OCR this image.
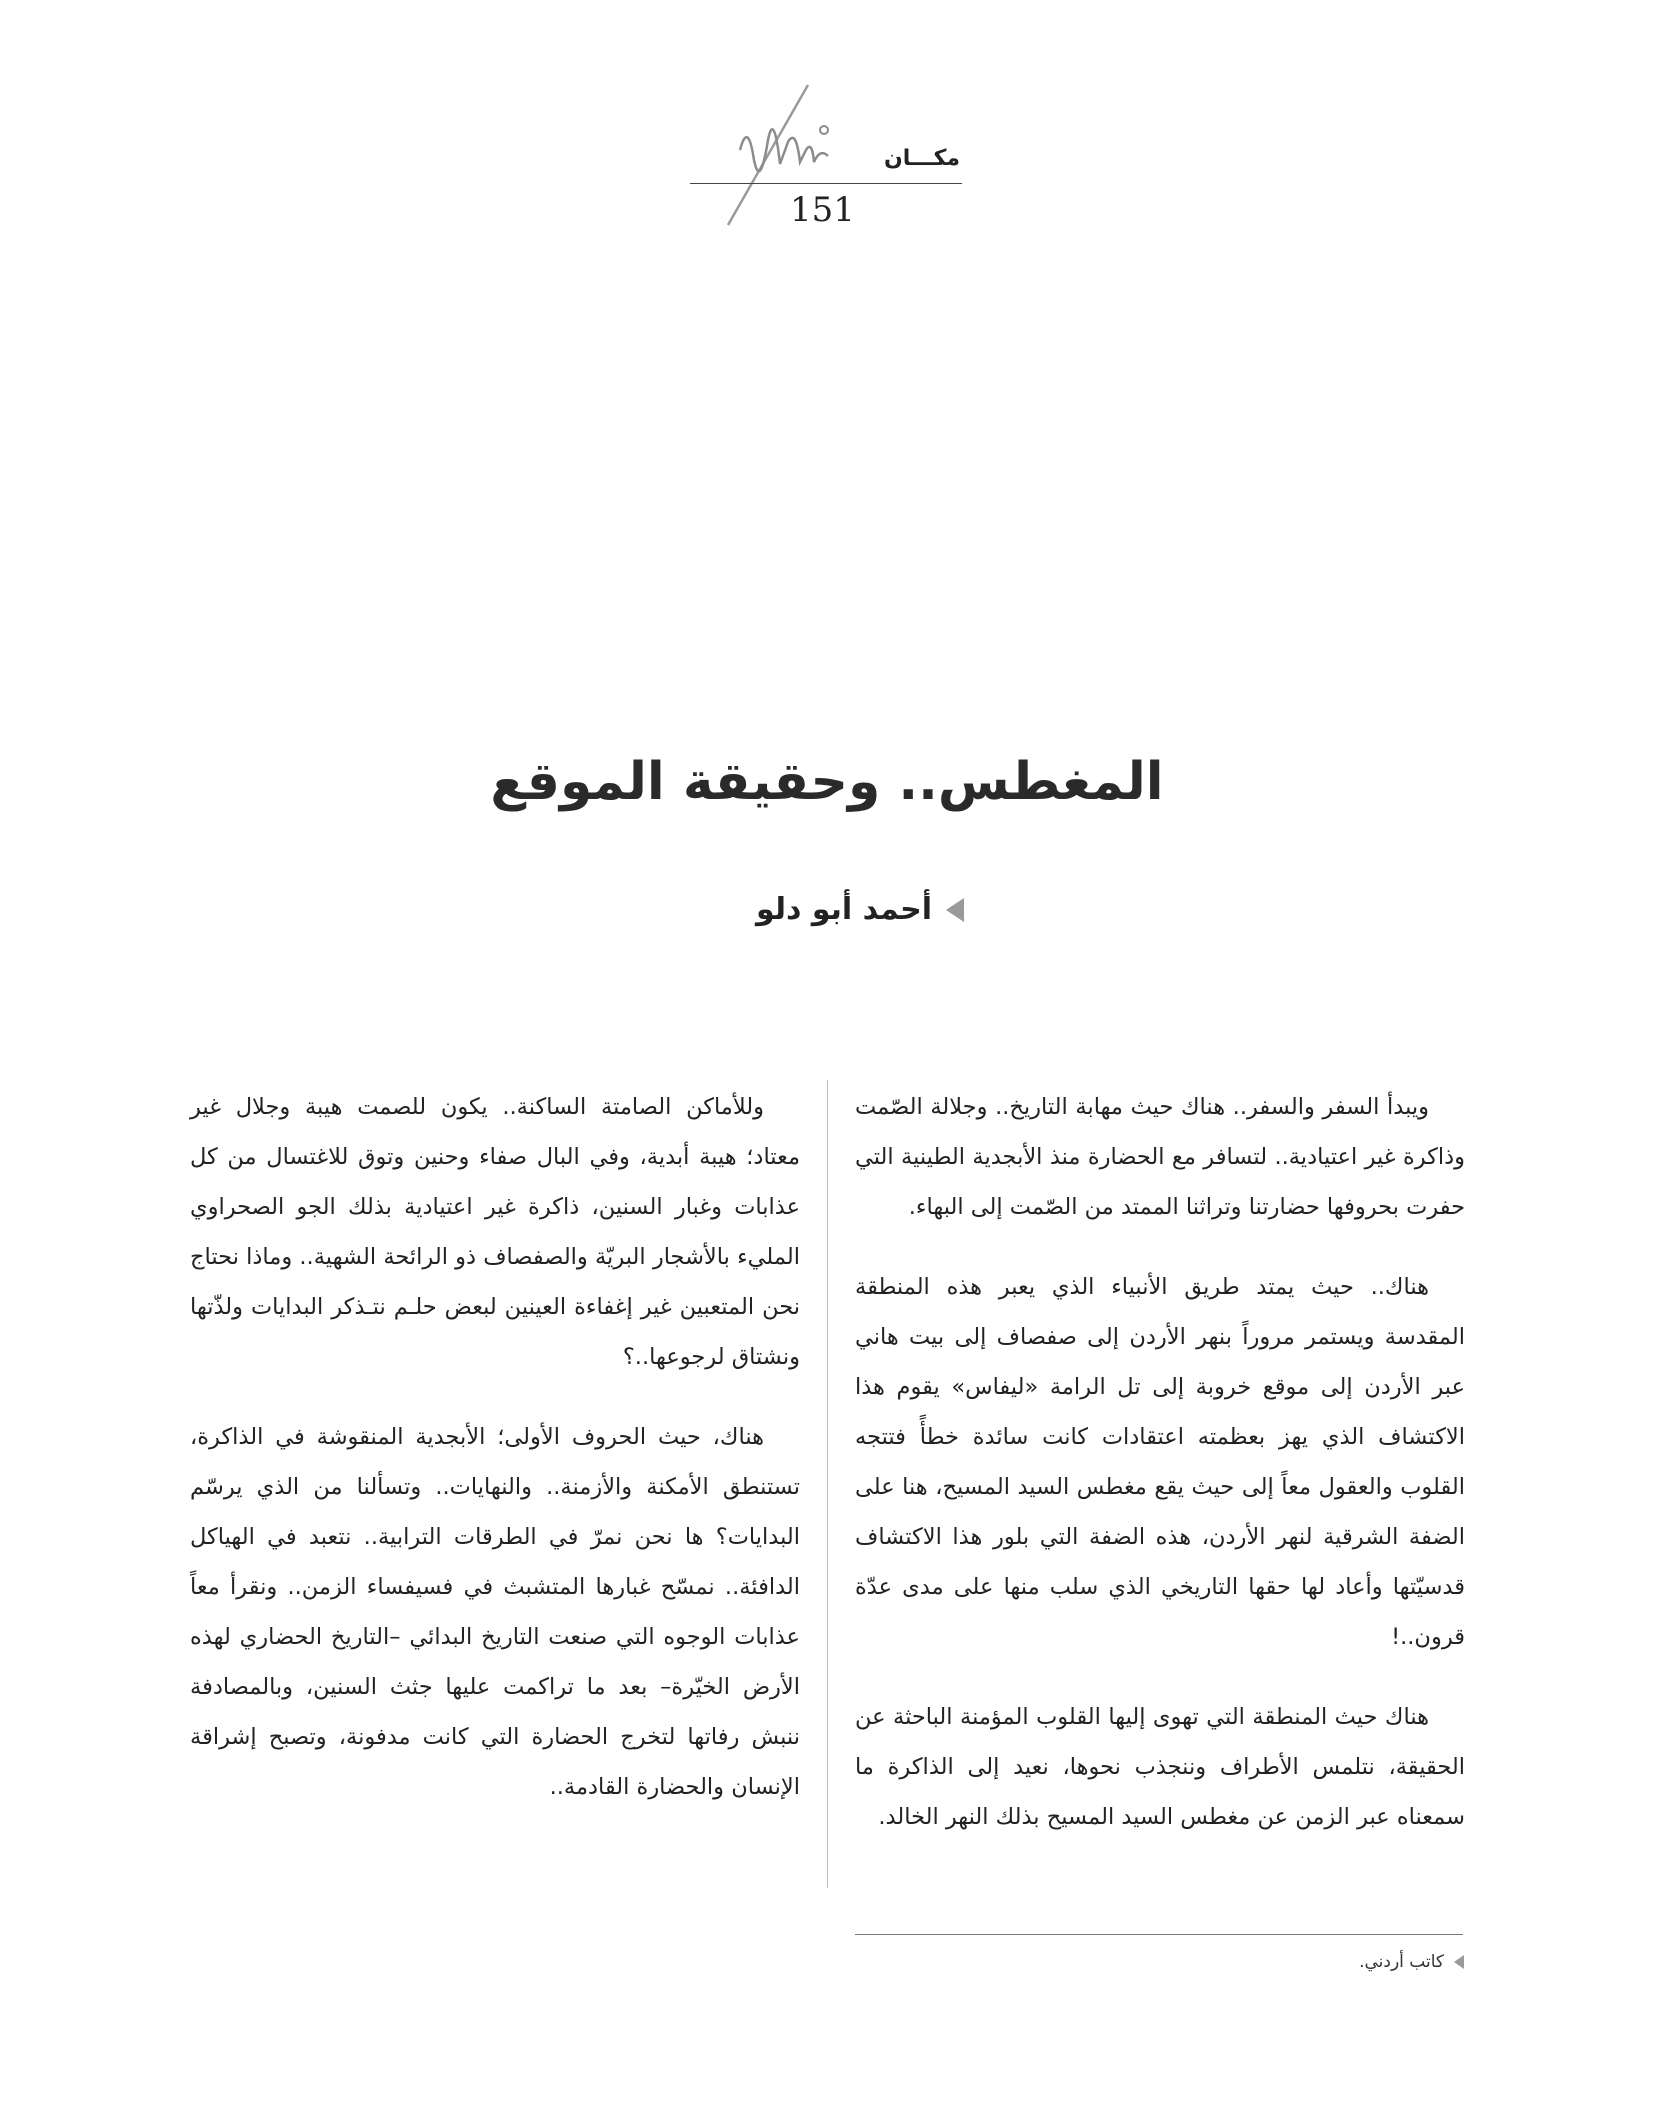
مكـــان
151
المغطس.. وحقيقة الموقع
أحمد أبو دلو

ويبدأ السفر والسفر.. هناك حيث مهابة التاريخ.. وجلالة الصّمت وذاكرة غير اعتيادية.. لتسافر مع الحضارة منذ الأبجدية الطينية التي حفرت بحروفها حضارتنا وتراثنا الممتد من الصّمت إلى البهاء.

هناك.. حيث يمتد طريق الأنبياء الذي يعبر هذه المنطقة المقدسة ويستمر مروراً بنهر الأردن إلى صفصاف إلى بيت هاني عبر الأردن إلى موقع خروبة إلى تل الرامة «ليفاس» يقوم هذا الاكتشاف الذي يهز بعظمته اعتقادات كانت سائدة خطأً فتتجه القلوب والعقول معاً إلى حيث يقع مغطس السيد المسيح، هنا على الضفة الشرقية لنهر الأردن، هذه الضفة التي بلور هذا الاكتشاف قدسيّتها وأعاد لها حقها التاريخي الذي سلب منها على مدى عدّة قرون..!

هناك حيث المنطقة التي تهوى إليها القلوب المؤمنة الباحثة عن الحقيقة، نتلمس الأطراف وننجذب نحوها، نعيد إلى الذاكرة ما سمعناه عبر الزمن عن مغطس السيد المسيح بذلك النهر الخالد.

وللأماكن الصامتة الساكنة.. يكون للصمت هيبة وجلال غير معتاد؛ هيبة أبدية، وفي البال صفاء وحنين وتوق للاغتسال من كل عذابات وغبار السنين، ذاكرة غير اعتيادية بذلك الجو الصحراوي المليء بالأشجار البريّة والصفصاف ذو الرائحة الشهية.. وماذا نحتاج نحن المتعبين غير إغفاءة العينين لبعض حلـم نتـذكر البدايات ولذّتها ونشتاق لرجوعها..؟

هناك، حيث الحروف الأولى؛ الأبجدية المنقوشة في الذاكرة، تستنطق الأمكنة والأزمنة.. والنهايات.. وتسألنا من الذي يرسّم البدايات؟ ها نحن نمرّ في الطرقات الترابية.. نتعبد في الهياكل الدافئة.. نمسّح غبارها المتشبث في فسيفساء الزمن.. ونقرأ معاً عذابات الوجوه التي صنعت التاريخ البدائي –التاريخ الحضاري لهذه الأرض الخيّرة– بعد ما تراكمت عليها جثث السنين، وبالمصادفة ننبش رفاتها لتخرج الحضارة التي كانت مدفونة، وتصبح إشراقة الإنسان والحضارة القادمة..

كاتب أردني.
